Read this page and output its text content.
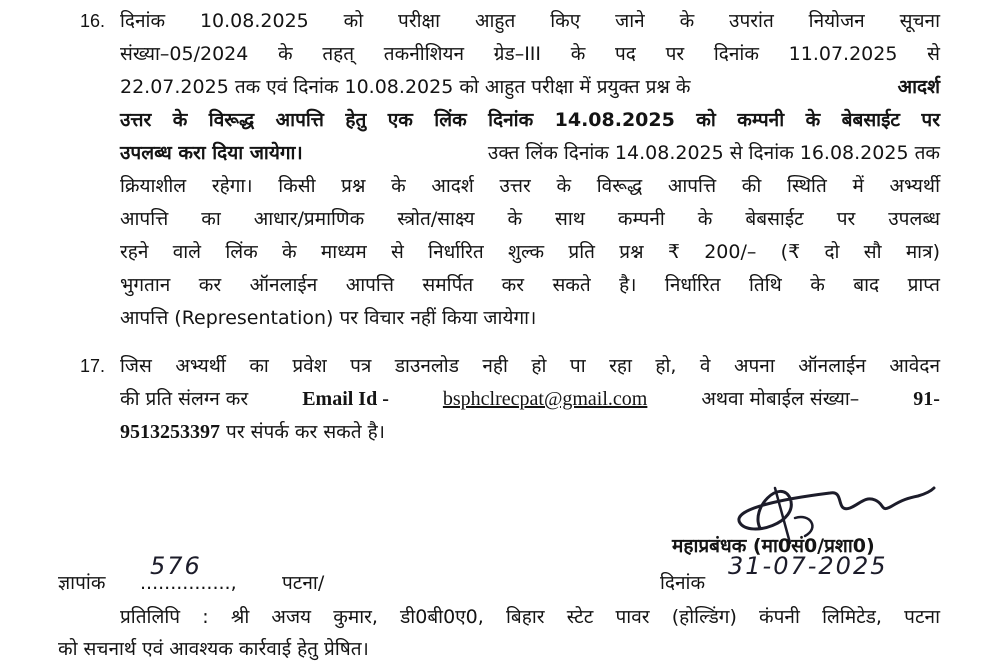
16. दिनांक 10.08.2025 को परीक्षा आहुत किए जाने के उपरांत नियोजन सूचना
संख्या–05/2024 के तहत् तकनीशियन ग्रेड–III के पद पर दिनांक 11.07.2025 से
22.07.2025 तक एवं दिनांक 10.08.2025 को आहुत परीक्षा में प्रयुक्त प्रश्न के	आदर्श
उत्तर के विरूद्ध आपत्ति हेतु एक लिंक दिनांक 14.08.2025 को कम्पनी के बेबसाईट पर
उपलब्ध करा दिया जायेगा।	उक्त लिंक दिनांक 14.08.2025 से दिनांक 16.08.2025 तक
क्रियाशील रहेगा। किसी प्रश्न के आदर्श उत्तर के विरूद्ध आपत्ति की स्थिति में अभ्यर्थी
आपत्ति का आधार/प्रमाणिक स्त्रोत/साक्ष्य के साथ कम्पनी के बेबसाईट पर उपलब्ध
रहने वाले लिंक के माध्यम से निर्धारित शुल्क प्रति प्रश्न ₹ 200/– (₹ दो सौ मात्र)
भुगतान कर ऑनलाईन आपत्ति समर्पित कर सकते है। निर्धारित तिथि के बाद प्राप्त
आपत्ति (Representation) पर विचार नहीं किया जायेगा।
17. जिस अभ्यर्थी का प्रवेश पत्र डाउनलोड नही हो पा रहा हो, वे अपना ऑनलाईन आवेदन
की प्रति संलग्न कर	Email Id -	bsphclrecpat@gmail.com	अथवा मोबाईल संख्या–	91-
9513253397 पर संपर्क कर सकते है।
महाप्रबंधक (मा0सं0/प्रशा0)
ज्ञापांक
576
..............., पटना/	दिनांक
31-07-2025
प्रतिलिपि : श्री अजय कुमार, डी0बी0ए0, बिहार स्टेट पावर (होल्डिंग) कंपनी लिमिटेड, पटना
को सचनार्थ एवं आवश्यक कार्रवाई हेतु प्रेषित।
